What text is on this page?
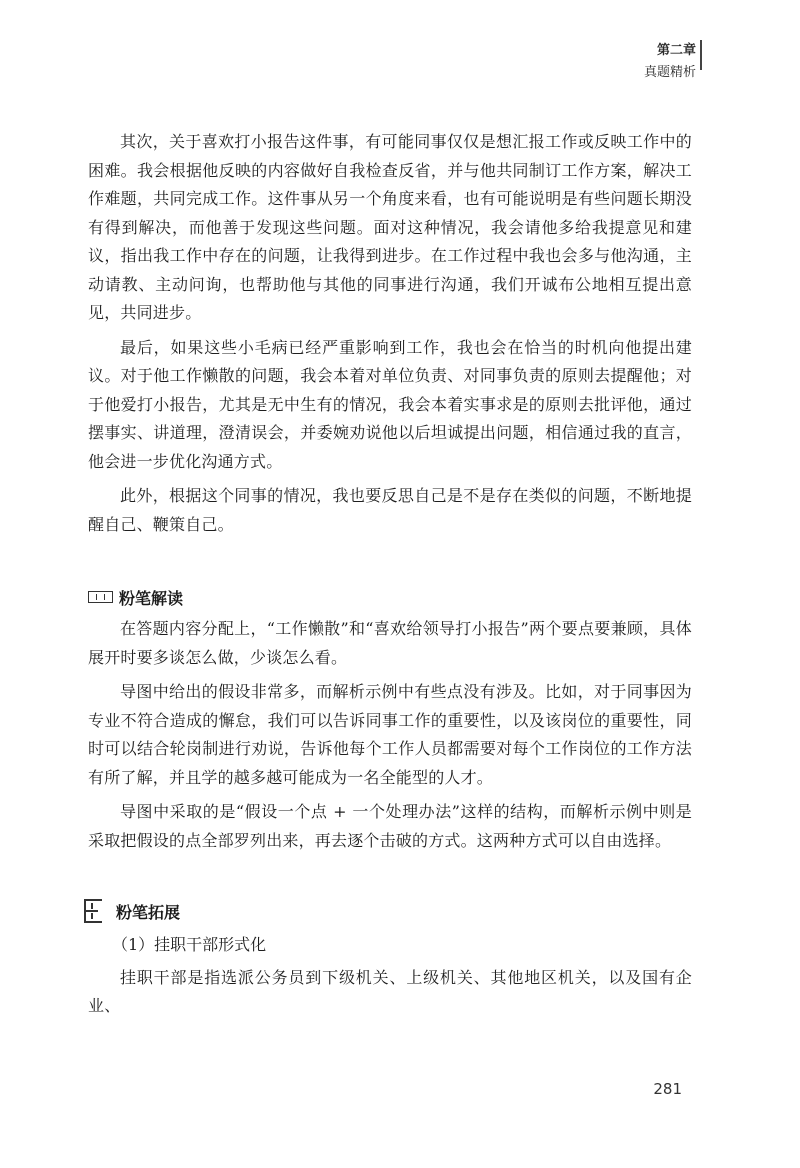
第二章
真题精析

其次，关于喜欢打小报告这件事，有可能同事仅仅是想汇报工作或反映工作中的困难。我会根据他反映的内容做好自我检查反省，并与他共同制订工作方案，解决工作难题，共同完成工作。这件事从另一个角度来看，也有可能说明是有些问题长期没有得到解决，而他善于发现这些问题。面对这种情况，我会请他多给我提意见和建议，指出我工作中存在的问题，让我得到进步。在工作过程中我也会多与他沟通，主动请教、主动问询，也帮助他与其他的同事进行沟通，我们开诚布公地相互提出意见，共同进步。

最后，如果这些小毛病已经严重影响到工作，我也会在恰当的时机向他提出建议。对于他工作懒散的问题，我会本着对单位负责、对同事负责的原则去提醒他；对于他爱打小报告，尤其是无中生有的情况，我会本着实事求是的原则去批评他，通过摆事实、讲道理，澄清误会，并委婉劝说他以后坦诚提出问题，相信通过我的直言，他会进一步优化沟通方式。

此外，根据这个同事的情况，我也要反思自己是不是存在类似的问题，不断地提醒自己、鞭策自己。

粉笔解读

在答题内容分配上，“工作懒散”和“喜欢给领导打小报告”两个要点要兼顾，具体展开时要多谈怎么做，少谈怎么看。

导图中给出的假设非常多，而解析示例中有些点没有涉及。比如，对于同事因为专业不符合造成的懈怠，我们可以告诉同事工作的重要性，以及该岗位的重要性，同时可以结合轮岗制进行劝说，告诉他每个工作人员都需要对每个工作岗位的工作方法有所了解，并且学的越多越可能成为一名全能型的人才。

导图中采取的是“假设一个点 + 一个处理办法”这样的结构，而解析示例中则是采取把假设的点全部罗列出来，再去逐个击破的方式。这两种方式可以自由选择。

粉笔拓展

（1）挂职干部形式化

挂职干部是指选派公务员到下级机关、上级机关、其他地区机关，以及国有企业、

281
